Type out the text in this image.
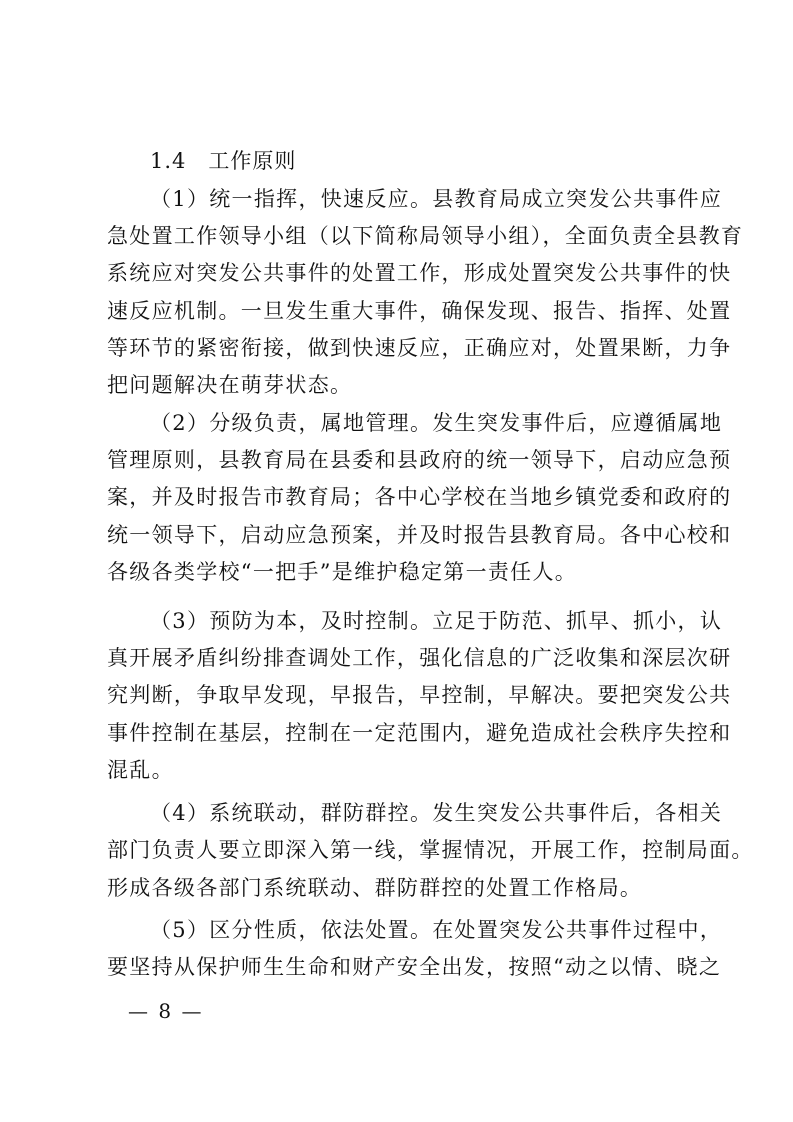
1.4　工作原则
（1）统一指挥，快速反应。县教育局成立突发公共事件应
急处置工作领导小组（以下简称局领导小组），全面负责全县教育
系统应对突发公共事件的处置工作，形成处置突发公共事件的快
速反应机制。一旦发生重大事件，确保发现、报告、指挥、处置
等环节的紧密衔接，做到快速反应，正确应对，处置果断，力争
把问题解决在萌芽状态。
（2）分级负责，属地管理。发生突发事件后，应遵循属地
管理原则，县教育局在县委和县政府的统一领导下，启动应急预
案，并及时报告市教育局；各中心学校在当地乡镇党委和政府的
统一领导下，启动应急预案，并及时报告县教育局。各中心校和
各级各类学校“一把手”是维护稳定第一责任人。
（3）预防为本，及时控制。立足于防范、抓早、抓小，认
真开展矛盾纠纷排查调处工作，强化信息的广泛收集和深层次研
究判断，争取早发现，早报告，早控制，早解决。要把突发公共
事件控制在基层，控制在一定范围内，避免造成社会秩序失控和
混乱。
（4）系统联动，群防群控。发生突发公共事件后，各相关
部门负责人要立即深入第一线，掌握情况，开展工作，控制局面。
形成各级各部门系统联动、群防群控的处置工作格局。
（5）区分性质，依法处置。在处置突发公共事件过程中，
要坚持从保护师生生命和财产安全出发，按照“动之以情、晓之
— 8 —
